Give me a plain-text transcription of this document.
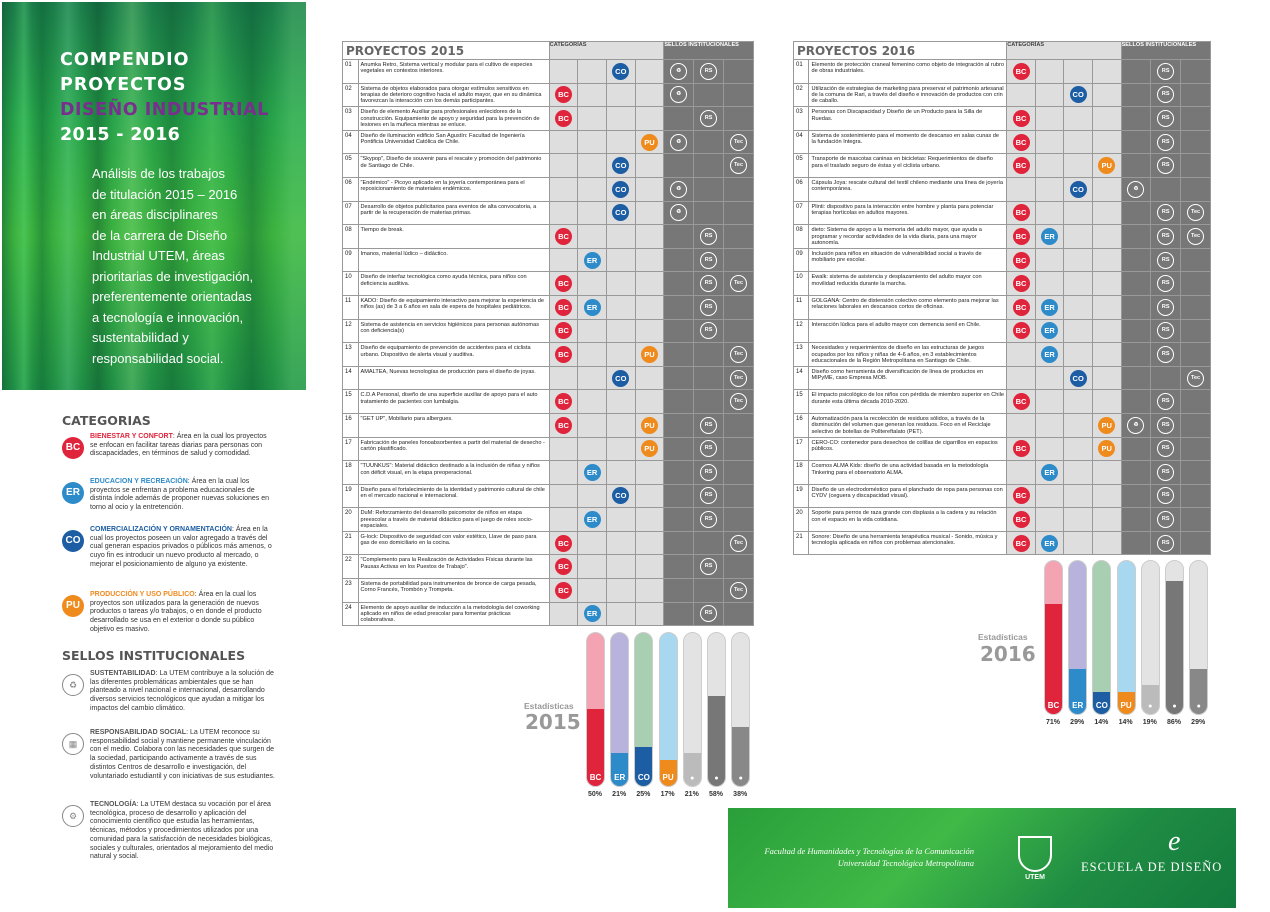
COMPENDIO
PROYECTOS
DISEÑO INDUSTRIAL
2015 - 2016
Análisis de los trabajos
de titulación 2015 – 2016
en áreas disciplinares
de la carrera de Diseño
Industrial UTEM, áreas
prioritarias de investigación,
preferentemente orientadas
a tecnología e innovación,
sustentabilidad y
responsabilidad social.
CATEGORIAS
BC
BIENESTAR Y CONFORT: Área en la cual los proyectos se enfocan en facilitar tareas diarias para personas con discapacidades, en términos de salud y comodidad.
ER
EDUCACION Y RECREACIÓN: Área en la cual los proyectos se enfrentan a problema educacionales de distinta índole además de proponer nuevas soluciones en torno al ocio y la entretención.
CO
COMERCIALIZACIÓN Y ORNAMENTACIÓN: Área en la cual los proyectos poseen un valor agregado a través del cual generan espacios privados o públicos más amenos, o cuyo fin es introducir un nuevo producto al mercado, o mejorar el posicionamiento de alguno ya existente.
PU
PRODUCCIÓN Y USO PÚBLICO: Área en la cual los proyectos son utilizados para la generación de nuevos productos o tareas y/o trabajos, o en donde el producto desarrollado se usa en el exterior o donde su público objetivo es masivo.
SELLOS INSTITUCIONALES
♻
SUSTENTABILIDAD: La UTEM contribuye a la solución de las diferentes problemáticas ambientales que se han planteado a nivel nacional e internacional, desarrollando diversos servicios tecnológicos que ayudan a mitigar los impactos del cambio climático.
▦
RESPONSABILIDAD SOCIAL: La UTEM reconoce su responsabilidad social y mantiene permanente vinculación con el medio. Colabora con las necesidades que surgen de la sociedad, participando activamente a través de sus distintos Centros de desarrollo e investigación, del voluntariado estudiantil y con iniciativas de sus estudiantes.
⚙
TECNOLOGÍA: La UTEM destaca su vocación por el área tecnológica, proceso de desarrollo y aplicación del conocimiento científico que estudia las herramientas, técnicas, métodos y procedimientos utilizados por una comunidad para la satisfacción de necesidades biológicas, sociales y culturales, orientados al mejoramiento del medio natural y social.
PROYECTOS 2015		CATEGORÍAS				SELLOS INSTITUCIONALES		
01	Anumka Retro, Sistema vertical y modular para el cultivo de especies vegetales en contextos interiores.			CO		♻	RS	
02	Sistema de objetos elaborados para otorgar estímulos sensitivos en terapias de deterioro cognitivo hacia el adulto mayor, que en su dinámica favorezcan la interacción con los demás participantes.	BC				♻		
03	Diseño de elemento Auxiliar para profesionales enlecidores de la construcción. Equipamiento de apoyo y seguridad para la prevención de lesiones en la muñeca mientras se enluce.	BC					RS	
04	Diseño de iluminación edificio San Agustín: Facultad de Ingeniería Pontificia Universidad Católica de Chile.				PU	♻		Tec
05	"Skypop", Diseño de souvenir para el rescate y promoción del patrimonio de Santiago de Chile.			CO				Tec
06	"Endémico" - Picoyo aplicado en la joyería contemporánea para el reposicionamiento de materiales endémicos.			CO		♻		
07	Desarrollo de objetos publicitarios para eventos de alta convocatoria, a partir de la recuperación de materias primas.			CO		♻		
08	Tiempo de break.	BC					RS	
09	Imanos, material lúdico – didáctico.		ER				RS	
10	Diseño de interfaz tecnológica como ayuda técnica, para niños con deficiencia auditiva.	BC					RS	Tec
11	KADO: Diseño de equipamiento interactivo para mejorar la experiencia de niños (as) de 3 a 6 años en sala de espera de hospitales pediátricos.	BC	ER				RS	
12	Sistema de asistencia en servicios higiénicos para personas autónomas con deficiencia(s)	BC					RS	
13	Diseño de equipamiento de prevención de accidentes para el ciclista urbano. Dispositivo de alerta visual y auditiva.	BC			PU			Tec
14	AMALTEA, Nuevas tecnologías de producción para el diseño de joyas.			CO				Tec
15	C.D.A Personal, diseño de una superficie auxiliar de apoyo para el auto tratamiento de pacientes con lumbalgia.	BC						Tec
16	"GET UP", Mobiliario para albergues.	BC			PU		RS	
17	Fabricación de paneles fonoabsorbentes a partir del material de desecho - cartón plastificado.				PU		RS	
18	"TUUNKUS": Material didáctico destinado a la inclusión de niñas y niños con déficit visual, en la etapa preoperacional.		ER				RS	
19	Diseño para el fortalecimiento de la identidad y patrimonio cultural de chile en el mercado nacional e internacional.			CO			RS	
20	DuM: Reforzamiento del desarrollo psicomotor de niños en etapa preescolar a través de material didáctico para el juego de roles socio-espaciales.		ER				RS	
21	G-lock: Dispositivo de seguridad con valor estético, Llave de paso para gas de eso domiciliario en la cocina.	BC						Tec
22	"Complemento para la Realización de Actividades Físicas durante las Pausas Activas en los Puestos de Trabajo".	BC					RS	
23	Sistema de portabilidad para instrumentos de bronce de carga pesada, Corno Francés, Trombón y Trompeta.	BC						Tec
24	Elemento de apoyo auxiliar de inducción a la metodología del coworking aplicado en niños de edad prescolar para fomentar prácticas colaborativas.		ER				RS	
PROYECTOS 2016		CATEGORÍAS				SELLOS INSTITUCIONALES		
01	Elemento de protección craneal femenino como objeto de integración al rubro de obras industriales.	BC					RS	
02	Utilización de estrategias de marketing para preservar el patrimonio artesanal de la comuna de Rari, a través del diseño e innovación de productos con crin de caballo.			CO			RS	
03	Personas con Discapacidad y Diseño de un Producto para la Silla de Ruedas.	BC					RS	
04	Sistema de sostenimiento para el momento de descanso en salas cunas de la fundación Integra.	BC					RS	
05	Transporte de mascotas caninas en bicicletas: Requerimientos de diseño para el traslado seguro de éstas y el ciclista urbano.	BC			PU		RS	
06	Cápsula Joya: rescate cultural del textil chileno mediante una línea de joyería contemporánea.			CO		♻		
07	Plinti: dispositivo para la interacción entre hombre y planta para potenciar terapias horticolas en adultos mayores.	BC					RS	Tec
08	dieto: Sistema de apoyo a la memoria del adulto mayor, que ayuda a programar y recordar actividades de la vida diaria, para una mayor autonomía.	BC	ER				RS	Tec
09	Inclusión para niños en situación de vulnerabilidad social a través de mobiliario pre escolar.	BC					RS	
10	Ewalk: sistema de asistencia y desplazamiento del adulto mayor con movilidad reducida durante la marcha.	BC					RS	
11	GOLGANA: Centro de distensión colectivo como elemento para mejorar las relaciones laborales en descansos cortos de oficinas.	BC	ER				RS	
12	Interacción lúdica para el adulto mayor con demencia senil en Chile.	BC	ER				RS	
13	Necesidades y requerimientos de diseño en las estructuras de juegos ocupados por los niños y niñas de 4-6 años, en 3 establecimientos educacionales de la Región Metropolitana en Santiago de Chile.		ER				RS	
14	Diseño como herramienta de diversificación de línea de productos en MIPyME, caso Empresa MOB.			CO				Tec
15	El impacto psicológico de los niños con pérdida de miembro superior en Chile durante esta última década 2010-2020.	BC					RS	
16	Automatización para la recolección de residuos sólidos, a través de la disminución del volumen que generan los residuos. Foco en el Reciclaje selectivo de botellas de Polltereftalato (PET).				PU	♻	RS	
17	CERO-CO: contenedor para desechos de colillas de cigarrillos en espacios públicos.	BC			PU		RS	
18	Cosmos ALMA Kids: diseño de una actividad basada en la metodología Tinkering para el observatorio ALMA.		ER				RS	
19	Diseño de un electrodoméstico para el planchado de ropa para personas con CYDV (ceguera y discapacidad visual).	BC					RS	
20	Soporte para perros de raza grande con displasia a la cadera y su relación con el espacio en la vida cotidiana.	BC					RS	
21	Sonore: Diseño de una herramienta terapéutica musical - Sonido, música y tecnología aplicada en niños con problemas atencionales.	BC	ER				RS	
Estadísticas
2015
BC
50%
ER
21%
CO
25%
PU
17%
●
21%
●
58%
●
38%
Estadísticas
2016
BC
71%
ER
29%
CO
14%
PU
14%
●
19%
●
86%
●
29%
Facultad de Humanidades y Tecnologías de la Comunicación
Universidad Tecnológica Metropolitana
UTEM
e
ESCUELA DE DISEÑO
